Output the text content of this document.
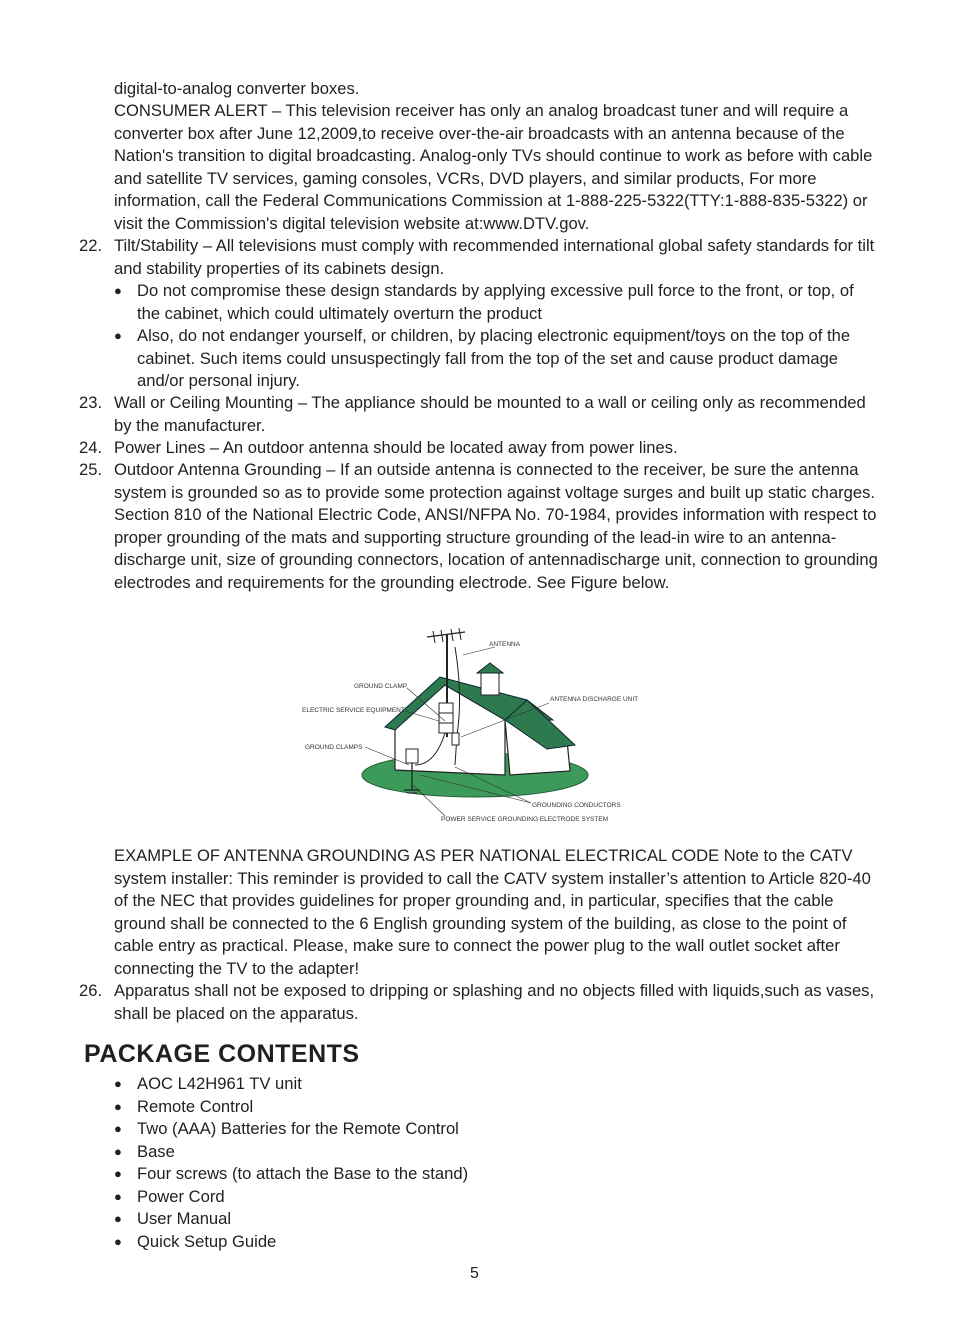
digital-to-analog converter boxes.

CONSUMER ALERT – This television receiver has only an analog broadcast tuner and will require a converter box after June 12,2009,to receive over-the-air broadcasts with an antenna because of the Nation's transition to digital broadcasting. Analog-only TVs should continue to work as before with cable and satellite TV services, gaming consoles, VCRs, DVD players, and similar products, For more information, call the Federal Communications Commission at 1-888-225-5322(TTY:1-888-835-5322) or visit the Commission's digital television website at:www.DTV.gov.

22. Tilt/Stability – All televisions must comply with recommended international global safety standards for tilt and stability properties of its cabinets design.
● Do not compromise these design standards by applying excessive pull force to the front, or top, of the cabinet, which could ultimately overturn the product
● Also, do not endanger yourself, or children, by placing electronic equipment/toys on the top of the cabinet. Such items could unsuspectingly fall from the top of the set and cause product damage and/or personal injury.
23. Wall or Ceiling Mounting – The appliance should be mounted to a wall or ceiling only as recommended by the manufacturer.
24. Power Lines – An outdoor antenna should be located away from power lines.
25. Outdoor Antenna Grounding – If an outside antenna is connected to the receiver, be sure the antenna system is grounded so as to provide some protection against voltage surges and built up static charges. Section 810 of the National Electric Code, ANSI/NFPA No. 70-1984, provides information with respect to proper grounding of the mats and supporting structure grounding of the lead-in wire to an antenna-discharge unit, size of grounding connectors, location of antennadischarge unit, connection to grounding electrodes and requirements for the grounding electrode. See Figure below.
ANTENNA
GROUND CLAMP
ANTENNA DISCHARGE UNIT
ELECTRIC SERVICE EQUIPMENT
GROUND CLAMPS
GROUNDING CONDUCTORS
POWER SERVICE GROUNDING ELECTRODE SYSTEM

EXAMPLE OF ANTENNA GROUNDING AS PER NATIONAL ELECTRICAL CODE Note to the CATV system installer: This reminder is provided to call the CATV system installer’s attention to Article 820-40 of the NEC that provides guidelines for proper grounding and, in particular, specifies that the cable ground shall be connected to the 6 English grounding system of the building, as close to the point of cable entry as practical. Please, make sure to connect the power plug to the wall outlet socket after connecting the TV to the adapter!

26. Apparatus shall not be exposed to dripping or splashing and no objects filled with liquids,such as vases, shall be placed on the apparatus.
PACKAGE CONTENTS
● AOC L42H961 TV unit
● Remote Control
● Two (AAA) Batteries for the Remote Control
● Base
● Four screws (to attach the Base to the stand)
● Power Cord
● User Manual
● Quick Setup Guide
5
